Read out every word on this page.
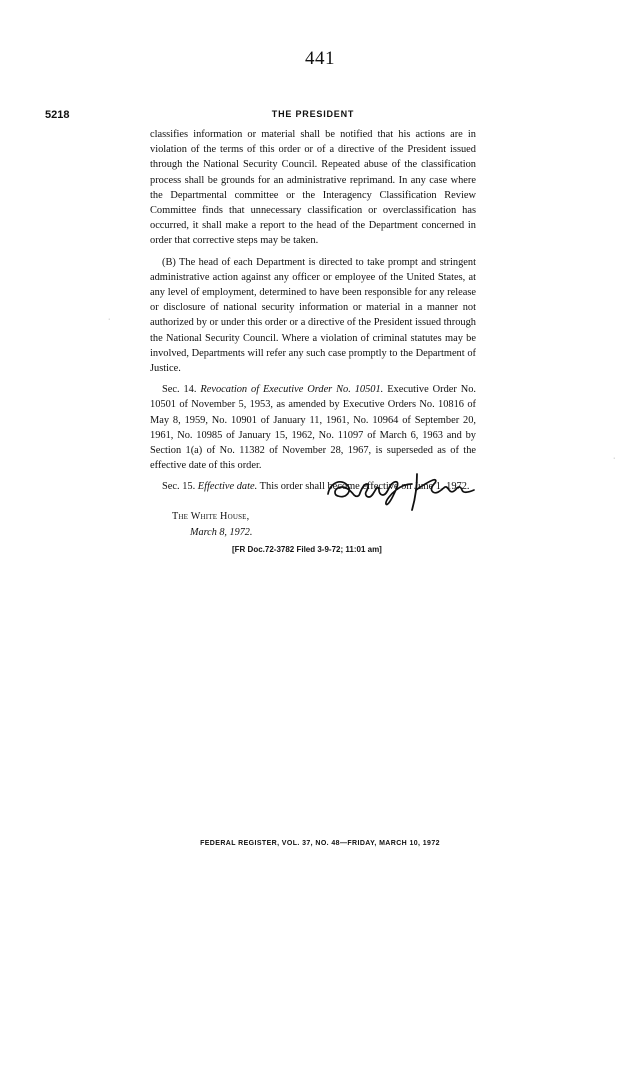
441
5218	THE PRESIDENT

classifies information or material shall be notified that his actions are in violation of the terms of this order or of a directive of the President issued through the National Security Council. Repeated abuse of the classification process shall be grounds for an administrative reprimand. In any case where the Departmental committee or the Interagency Classification Review Committee finds that unnecessary classification or overclassification has occurred, it shall make a report to the head of the Department concerned in order that corrective steps may be taken.

(B) The head of each Department is directed to take prompt and stringent administrative action against any officer or employee of the United States, at any level of employment, determined to have been responsible for any release or disclosure of national security information or material in a manner not authorized by or under this order or a directive of the President issued through the National Security Council. Where a violation of criminal statutes may be involved, Departments will refer any such case promptly to the Department of Justice.

Sec. 14. Revocation of Executive Order No. 10501. Executive Order No. 10501 of November 5, 1953, as amended by Executive Orders No. 10816 of May 8, 1959, No. 10901 of January 11, 1961, No. 10964 of September 20, 1961, No. 10985 of January 15, 1962, No. 11097 of March 6, 1963 and by Section 1(a) of No. 11382 of November 28, 1967, is superseded as of the effective date of this order.

Sec. 15. Effective date. This order shall become effective on June 1, 1972.

The White House,
March 8, 1972.
[FR Doc.72-3782 Filed 3-9-72; 11:01 am]
FEDERAL REGISTER, VOL. 37, NO. 48—FRIDAY, MARCH 10, 1972
·
·
